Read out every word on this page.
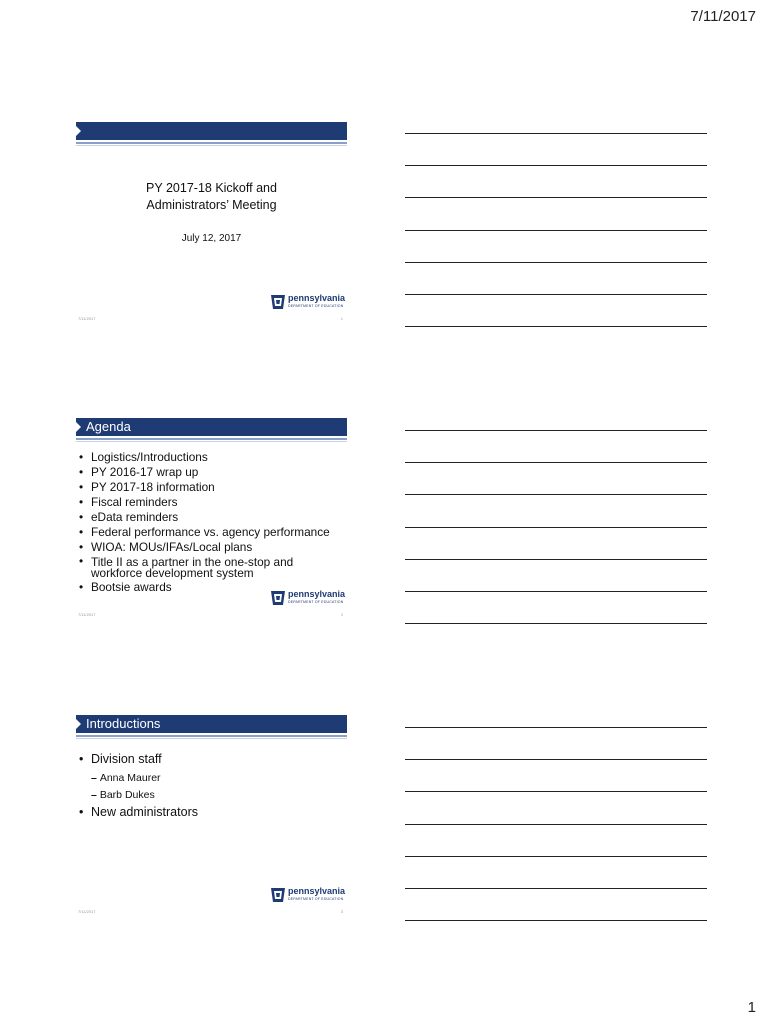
7/11/2017
PY 2017-18 Kickoff and
Administrators’ Meeting
July 12, 2017
pennsylvania
DEPARTMENT OF EDUCATION
7/11/2017	1
Agenda
• Logistics/Introductions
• PY 2016-17 wrap up
• PY 2017-18 information
• Fiscal reminders
• eData reminders
• Federal performance vs. agency performance
• WIOA: MOUs/IFAs/Local plans
• Title II as a partner in the one-stop and workforce development system
• Bootsie awards	pennsylvania
DEPARTMENT OF EDUCATION
7/11/2017	2
Introductions
• Division staff
– Anna Maurer
– Barb Dukes
• New administrators
pennsylvania
DEPARTMENT OF EDUCATION
7/11/2017	3
1
